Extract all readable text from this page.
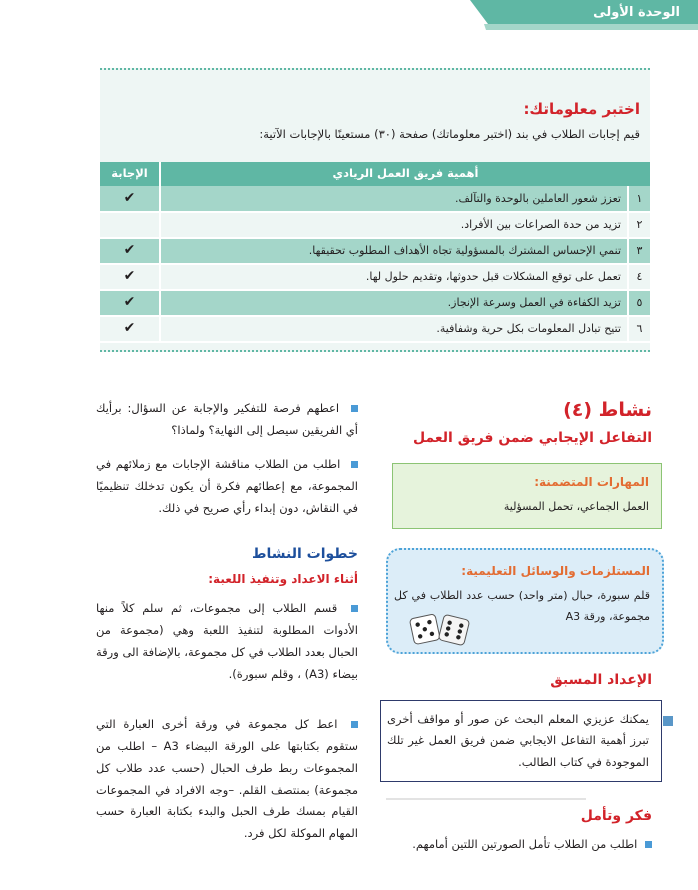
الوحدة الأولى
اختبر معلوماتك:
قيم إجابات الطلاب في بند (اختبر معلوماتك) صفحة (٣٠) مستعينًا بالإجابات الآتية:
أهمية فريق العمل الريادي		الإجابة
١	تعزز شعور العاملين بالوحدة والتآلف.	✔
٢	تزيد من حدة الصراعات بين الأفراد.	
٣	تنمي الإحساس المشترك بالمسؤولية تجاه الأهداف المطلوب تحقيقها.	✔
٤	تعمل على توقع المشكلات قبل حدوثها، وتقديم حلول لها.	✔
٥	تزيد الكفاءة في العمل وسرعة الإنجاز.	✔
٦	تتيح تبادل المعلومات بكل حرية وشفافية.	✔
نشاط (٤)
التفاعل الإيجابي ضمن فريق العمل
المهارات المتضمنة:
العمل الجماعي، تحمل المسؤلية
المستلزمات والوسائل التعليمية:
قلم سبورة، حبال (متر واحد) حسب عدد الطلاب في كل مجموعة، ورقة A3
الإعداد المسبق
يمكنك عزيزي المعلم البحث عن صور أو مواقف أخرى تبرز أهمية التفاعل الايجابي ضمن فريق العمل غير تلك الموجودة في كتاب الطالب.
فكر وتأمل
اطلب من الطلاب تأمل الصورتين اللتين أمامهم.
اعطهم فرصة للتفكير والإجابة عن السؤال: برأيك أي الفريقين سيصل إلى النهاية؟ ولماذا؟
اطلب من الطلاب مناقشة الإجابات مع زملائهم في المجموعة، مع إعطائهم فكرة أن يكون تدخلك تنظيميًا في النقاش، دون إبداء رأي صريح في ذلك.
خطوات النشاط
أثناء الاعداد وتنفيذ اللعبة:
قسم الطلاب إلى مجموعات، ثم سلم كلاً منها الأدوات المطلوبة لتنفيذ اللعبة وهي (مجموعة من الحبال بعدد الطلاب في كل مجموعة، بالإضافة الى ورقة بيضاء (A3) ، وقلم سبورة).
اعط كل مجموعة في ورقة أخرى العبارة التي ستقوم بكتابتها على الورقة البيضاء A3 – اطلب من المجموعات ربط طرف الحبال (حسب عدد طلاب كل مجموعة) بمنتصف القلم. –وجه الافراد في المجموعات القيام بمسك طرف الحبل والبدء بكتابة العبارة حسب المهام الموكلة لكل فرد.
